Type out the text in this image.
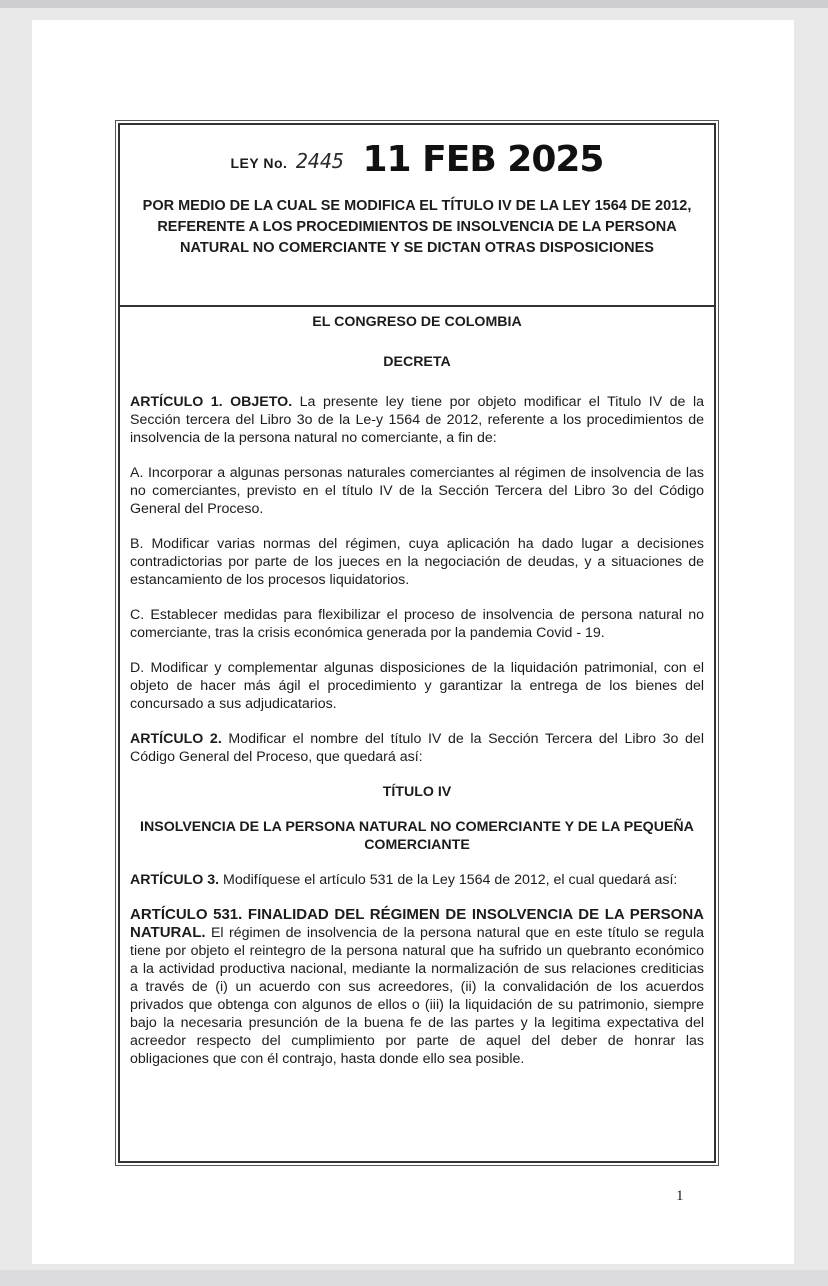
LEY No. 2445 11 FEB 2025
POR MEDIO DE LA CUAL SE MODIFICA EL TÍTULO IV DE LA LEY 1564 DE 2012, REFERENTE A LOS PROCEDIMIENTOS DE INSOLVENCIA DE LA PERSONA NATURAL NO COMERCIANTE Y SE DICTAN OTRAS DISPOSICIONES
EL CONGRESO DE COLOMBIA
DECRETA

ARTÍCULO 1. OBJETO. La presente ley tiene por objeto modificar el Titulo IV de la Sección tercera del Libro 3o de la Le-y 1564 de 2012, referente a los procedimientos de insolvencia de la persona natural no comerciante, a fin de:

A. Incorporar a algunas personas naturales comerciantes al régimen de insolvencia de las no comerciantes, previsto en el título IV de la Sección Tercera del Libro 3o del Código General del Proceso.

B. Modificar varias normas del régimen, cuya aplicación ha dado lugar a decisiones contradictorias por parte de los jueces en la negociación de deudas, y a situaciones de estancamiento de los procesos liquidatorios.

C. Establecer medidas para flexibilizar el proceso de insolvencia de persona natural no comerciante, tras la crisis económica generada por la pandemia Covid - 19.

D. Modificar y complementar algunas disposiciones de la liquidación patrimonial, con el objeto de hacer más ágil el procedimiento y garantizar la entrega de los bienes del concursado a sus adjudicatarios.

ARTÍCULO 2. Modificar el nombre del título IV de la Sección Tercera del Libro 3o del Código General del Proceso, que quedará así:

TÍTULO IV
INSOLVENCIA DE LA PERSONA NATURAL NO COMERCIANTE Y DE LA PEQUEÑA COMERCIANTE

ARTÍCULO 3. Modifíquese el artículo 531 de la Ley 1564 de 2012, el cual quedará así:

ARTÍCULO 531. FINALIDAD DEL RÉGIMEN DE INSOLVENCIA DE LA PERSONA NATURAL. El régimen de insolvencia de la persona natural que en este título se regula tiene por objeto el reintegro de la persona natural que ha sufrido un quebranto económico a la actividad productiva nacional, mediante la normalización de sus relaciones crediticias a través de (i) un acuerdo con sus acreedores, (ii) la convalidación de los acuerdos privados que obtenga con algunos de ellos o (iii) la liquidación de su patrimonio, siempre bajo la necesaria presunción de la buena fe de las partes y la legitima expectativa del acreedor respecto del cumplimiento por parte de aquel del deber de honrar las obligaciones que con él contrajo, hasta donde ello sea posible.

1
